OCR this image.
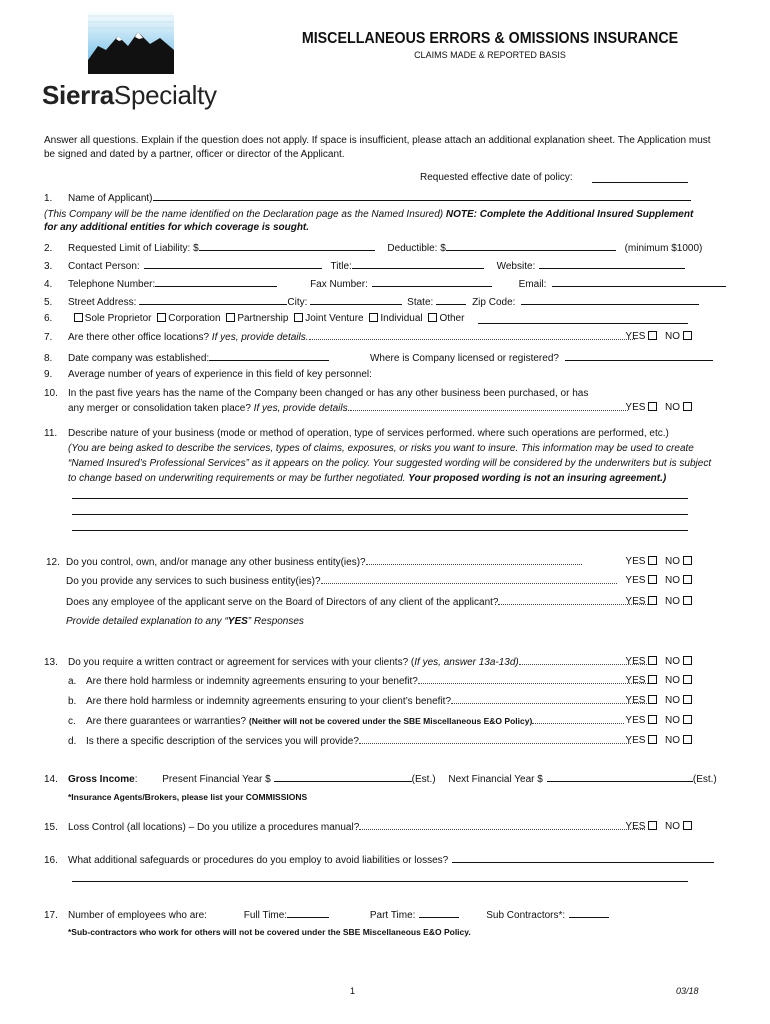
SierraSpecialty
MISCELLANEOUS ERRORS & OMISSIONS INSURANCE
CLAIMS MADE & REPORTED BASIS
Answer all questions. Explain if the question does not apply. If space is insufficient, please attach an additional explanation sheet. The Application must be signed and dated by a partner, officer or director of the Applicant.
Requested effective date of policy:
1. Name of Applicant)
(This Company will be the name identified on the Declaration page as the Named Insured) NOTE: Complete the Additional Insured Supplement for any additional entities for which coverage is sought.
2. Requested Limit of Liability: $	Deductible: $	(minimum $1000)
3. Contact Person:	Title:	Website:
4. Telephone Number:	Fax Number:	Email:
5. Street Address:	City:	State:	Zip Code:
6.	Sole Proprietor Corporation Partnership Joint Venture Individual Other
7. Are there other office locations? If yes, provide details.	YES NO
8. Date company was established:	Where is Company licensed or registered?
9. Average number of years of experience in this field of key personnel:
10. In the past five years has the name of the Company been changed or has any other business been purchased, or has
any merger or consolidation taken place? If yes, provide details.	YES NO
11. Describe nature of your business (mode or method of operation, type of services performed. where such operations are performed, etc.)
(You are being asked to describe the services, types of claims, exposures, or risks you want to insure. This information may be used to create
“Named Insured’s Professional Services” as it appears on the policy. Your suggested wording will be considered by the underwriters but is subject
to change based on underwriting requirements or may be further negotiated. Your proposed wording is not an insuring agreement.)
12. Do you control, own, and/or manage any other business entity(ies)?	YES NO
Do you provide any services to such business entity(ies)?	YES NO
Does any employee of the applicant serve on the Board of Directors of any client of the applicant?	YES NO
Provide detailed explanation to any “YES” Responses
13. Do you require a written contract or agreement for services with your clients? (If yes, answer 13a-13d)	YES NO
a. Are there hold harmless or indemnity agreements ensuring to your benefit?	YES NO
b. Are there hold harmless or indemnity agreements ensuring to your client’s benefit?	YES NO
c. Are there guarantees or warranties? (Neither will not be covered under the SBE Miscellaneous E&O Policy)	YES NO
d. Is there a specific description of the services you will provide?	YES NO
14. Gross Income: Present Financial Year $	(Est.) Next Financial Year $	(Est.)
*Insurance Agents/Brokers, please list your COMMISSIONS
15. Loss Control (all locations) – Do you utilize a procedures manual?	YES NO
16. What additional safeguards or procedures do you employ to avoid liabilities or losses?
17. Number of employees who are:	Full Time:	Part Time:	Sub Contractors*:
*Sub-contractors who work for others will not be covered under the SBE Miscellaneous E&O Policy.
1	03/18
